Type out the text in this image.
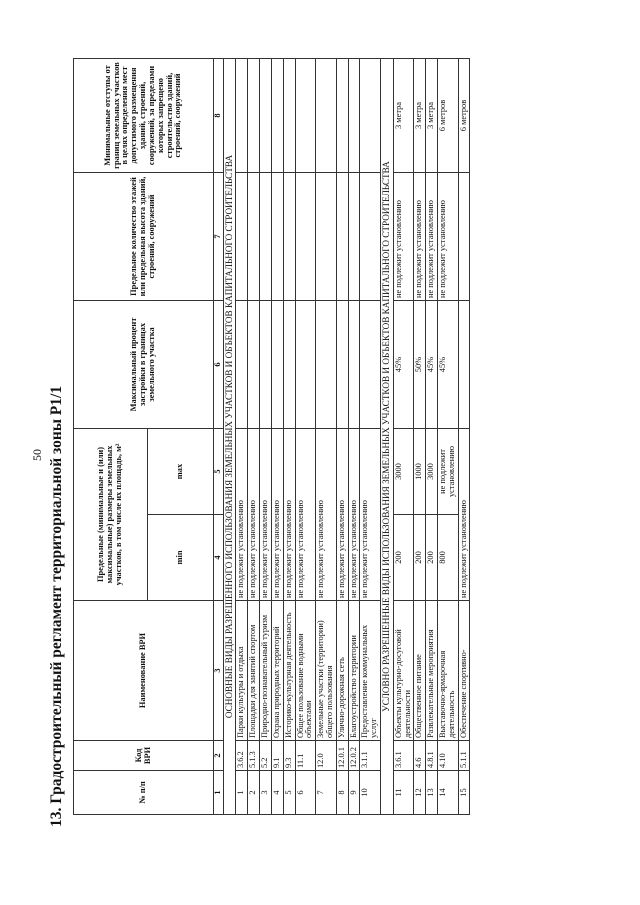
50 13. Градостроительный регламент территориальной зоны Р1/1	№ п/п	Код ВРИ	Наименование ВРИ	Предельные (минимальные и (или) максимальные) размеры земельных участков, в том числе их площадь, м²		Максимальный процент застройки в границах земельного участка	Предельное количество этажей или предельная высота зданий, строений, сооружений	Минимальные отступы от границ земельных участков в целях определения мест допустимого размещения зданий, строений, сооружений, за пределами которых запрещено строительство зданий, строений, сооружений
			min	max			
1	2	3	4	5	6	7	8
ОСНОВНЫЕ ВИДЫ РАЗРЕШЕННОГО ИСПОЛЬЗОВАНИЯ ЗЕМЕЛЬНЫХ УЧАСТКОВ И ОБЪЕКТОВ КАПИТАЛЬНОГО СТРОИТЕЛЬСТВА							
1	3.6.2	Парки культуры и отдыха	не подлежит установлению				
2	5.1.3	Площадки для занятий спортом	не подлежит установлению				
3	5.2	Природно-познавательный туризм	не подлежит установлению				
4	9.1	Охрана природных территорий	не подлежит установлению				
5	9.3	Историко-культурная деятельность	не подлежит установлению				
6	11.1	Общее пользование водными объектами	не подлежит установлению				
7	12.0	Земельные участки (территории) общего пользования	не подлежит установлению				
8	12.0.1	Улично-дорожная сеть	не подлежит установлению				
9	12.0.2	Благоустройство территории	не подлежит установлению				
10	3.1.1	Предоставление коммунальных услуг	не подлежит установлению				
УСЛОВНО РАЗРЕШЕННЫЕ ВИДЫ ИСПОЛЬЗОВАНИЯ ЗЕМЕЛЬНЫХ УЧАСТКОВ И ОБЪЕКТОВ КАПИТАЛЬНОГО СТРОИТЕЛЬСТВА							
11	3.6.1	Объекты культурно-досуговой деятельности	200	3000	45%	не подлежит установлению	3 метра
12	4.6	Общественное питание	200	1000	50%	не подлежит установлению	3 метра
13	4.8.1	Развлекательные мероприятия	200	3000	45%	не подлежит установлению	3 метра
14	4.10	Выставочно-ярмарочная деятельность	800	не подлежит установлению	45%	не подлежит установлению	6 метров
15	5.1.1	Обеспечение спортивно-	не подлежит установлению				6 метров
